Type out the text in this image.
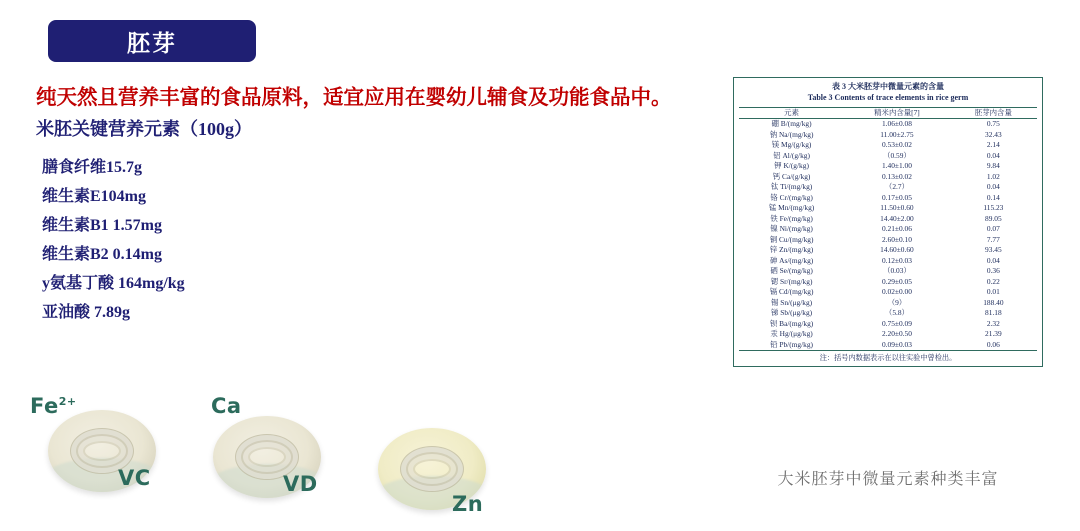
胚芽
纯天然且营养丰富的食品原料，适宜应用在婴幼儿辅食及功能食品中。
米胚关键营养元素（100g）
膳食纤维15.7g
维生素E104mg
维生素B1 1.57mg
维生素B2 0.14mg
y氨基丁酸 164mg/kg
亚油酸 7.89g
表 3 大米胚芽中微量元素的含量
Table 3 Contents of trace elements in rice germ
元素	精米内含量[7]	胚芽内含量
硼 B/(mg/kg)	1.06±0.08	0.75
钠 Na/(mg/kg)	11.00±2.75	32.43
镁 Mg/(g/kg)	0.53±0.02	2.14
铝 Al/(g/kg)	（0.59）	0.04
钾 K/(g/kg)	1.40±1.00	9.84
钙 Ca/(g/kg)	0.13±0.02	1.02
钛 Ti/(mg/kg)	（2.7）	0.04
铬 Cr/(mg/kg)	0.17±0.05	0.14
锰 Mn/(mg/kg)	11.50±0.60	115.23
铁 Fe/(mg/kg)	14.40±2.00	89.05
镍 Ni/(mg/kg)	0.21±0.06	0.07
铜 Cu/(mg/kg)	2.60±0.10	7.77
锌 Zn/(mg/kg)	14.60±0.60	93.45
砷 As/(mg/kg)	0.12±0.03	0.04
硒 Se/(mg/kg)	（0.03）	0.36
锶 Sr/(mg/kg)	0.29±0.05	0.22
镉 Cd/(mg/kg)	0.02±0.00	0.01
锡 Sn/(μg/kg)	（9）	188.40
锑 Sb/(μg/kg)	（5.8）	81.18
钡 Ba/(mg/kg)	0.75±0.09	2.32
汞 Hg/(μg/kg)	2.20±0.50	21.39
铅 Pb/(mg/kg)	0.09±0.03	0.06
注：括号内数据表示在以往实验中曾检出。
大米胚芽中微量元素种类丰富
$Fe^{2+}$
VC
Ca
VD
Zn
